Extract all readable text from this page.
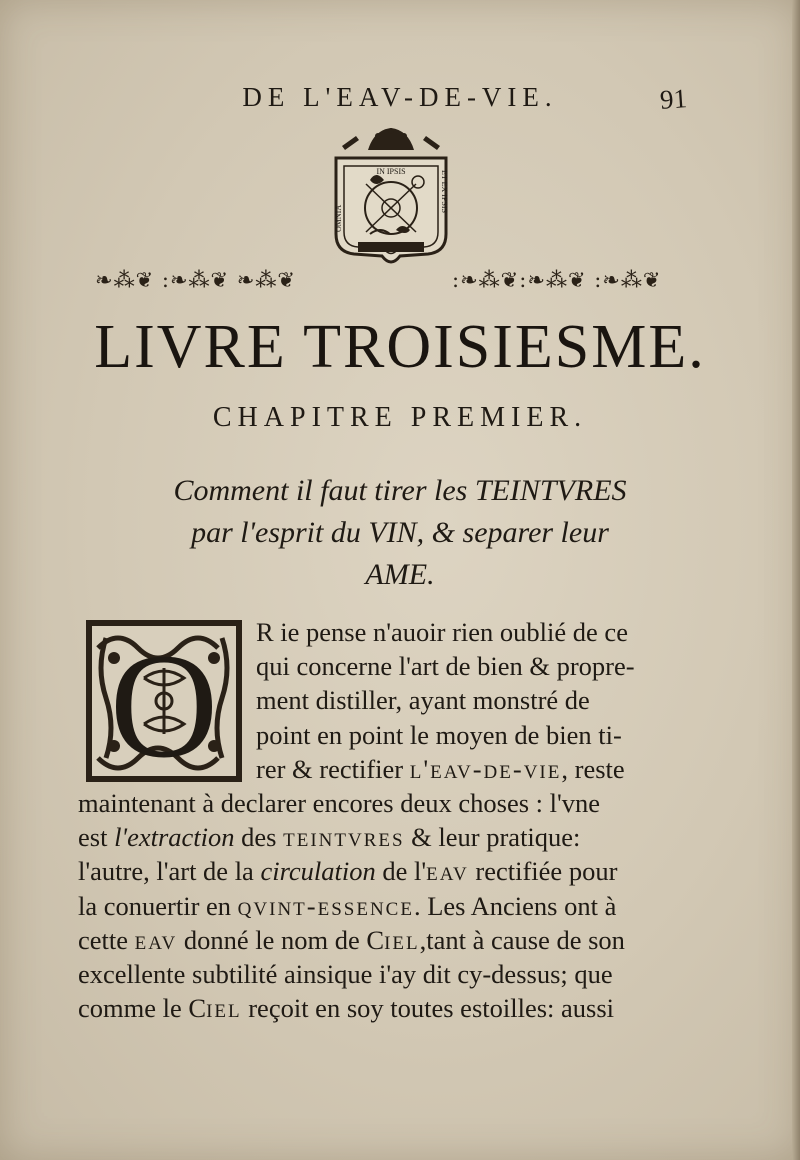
DE L'EAV-DE-VIE.	91
IN IPSIS
OMNIA
ET EX IPSIS
❧⁂❦ :❧⁂❦ ❧⁂❦	:❧⁂❦:❧⁂❦ :❧⁂❦
LIVRE TROISIESME.
CHAPITRE PREMIER.
Comment il faut tirer les TEINTVRES
par l'esprit du VIN, & separer leur
AME.
O R ie pense n'auoir rien oublié de ce
qui concerne l'art de bien & propre-
ment distiller, ayant monstré de
point en point le moyen de bien ti-
rer & rectifier l'eav-de-vie, reste
maintenant à declarer encores deux choses : l'vne
est l'extraction des teintvres & leur pratique:
l'autre, l'art de la circulation de l'eav rectifiée pour
la conuertir en qvint-essence. Les Anciens ont à
cette eav donné le nom de Ciel,tant à cause de son
excellente subtilité ainsique i'ay dit cy-dessus; que
comme le Ciel reçoit en soy toutes estoilles: aussi
